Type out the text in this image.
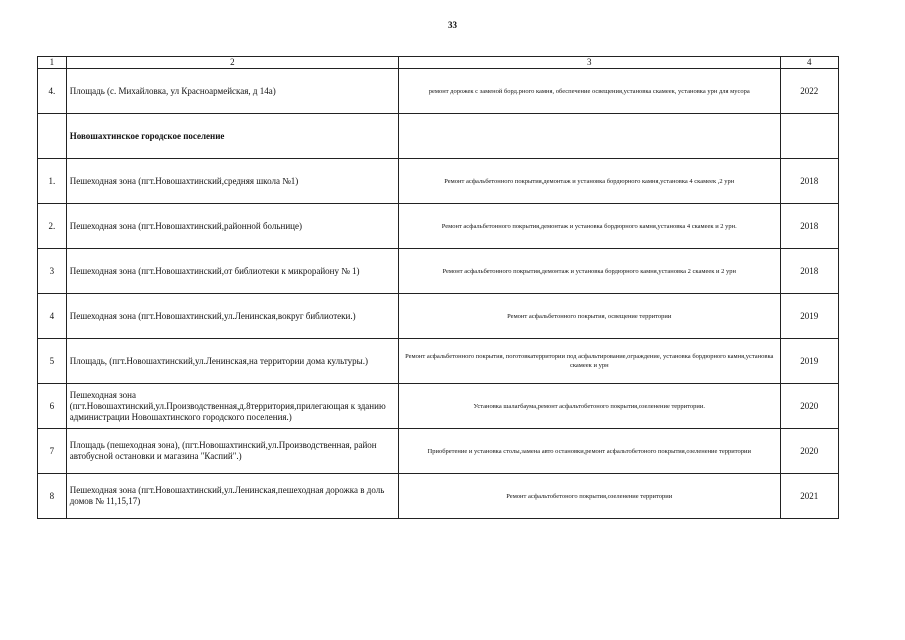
33
1	2	3	4
4.	Площадь (с. Михайловка, ул Красноармейская, д 14а)	ремонт дорожек с заменой борд.рного камня, обеспечение освещения,установка скамеек, установка урн для мусора	2022
	Новошахтинское городское поселение		
1.	Пешеходная зона (пгт.Новошахтинский,средняя школа №1)	Ремонт асфальбетонного покрытия,демонтаж и установка бордюрного камня,установка 4 скамеек ,2 урн	2018
2.	Пешеходная зона (пгт.Новошахтинский,районной больнице)	Ремонт асфальбетонного покрытия,демонтаж и установка бордюрного камня,установка 4 скамеек и 2 урн.	2018
3	Пешеходная зона (пгт.Новошахтинский,от библиотеки к микрорайону № 1)	Ремонт асфальбетонного покрытия,демонтаж и установка бордюрного камня,установка 2 скамеек и 2 урн	2018
4	Пешеходная зона (пгт.Новошахтинский,ул.Ленинская,вокруг библиотеки.)	Ремонт асфальбетонного покрытия, освещение территории	2019
5	Площадь, (пгт.Новошахтинский,ул.Ленинская,на территории дома культуры.)	Ремонт асфальбетонного покрытия, поготовкатерритории под асфальтирование,ограждение, установка бордюрного камня,установка скамеек и урн	2019
6	Пешеходная зона (пгт.Новошахтинский,ул.Производственная,д.8территория,прилегающая к зданию администрации Новошахтинского городского поселения.)	Установка шалагбаума,ремонт асфальтобетоного покрытия,озеленение территории.	2020
7	Площадь (пешеходная зона), (пгт.Новошахтинский,ул.Производственная, район автобусной остановки и магазина "Каспий".)	Приобретение и установка столы,замена авто остановки,ремонт асфальтобетоного покрытия,озеленение территории	2020
8	Пешеходная зона (пгт.Новошахтинский,ул.Ленинская,пешеходная дорожка в доль домов № 11,15,17)	Ремонт асфальтобетоного покрытия,озеленение территории	2021
